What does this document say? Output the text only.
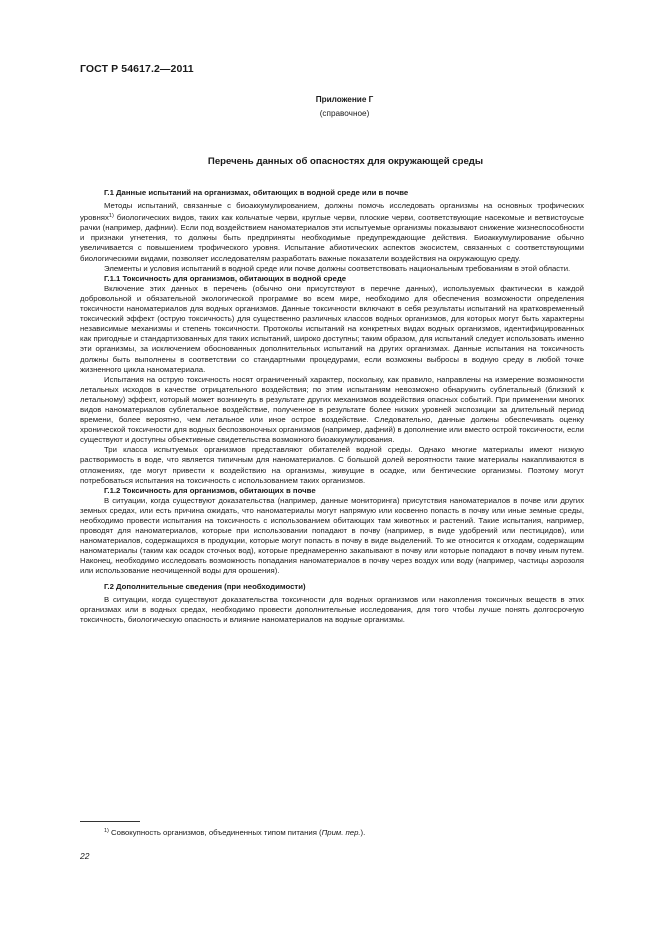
ГОСТ Р 54617.2—2011
Приложение Г
(справочное)
Перечень данных об опасностях для окружающей среды
Г.1 Данные испытаний на организмах, обитающих в водной среде или в почве

Методы испытаний, связанные с биоаккумулированием, должны помочь исследовать организмы на основных трофических уровнях$^{1)}$ биологических видов, таких как кольчатые черви, круглые черви, плоские черви, соответствующие насекомые и ветвистоусые рачки (например, дафнии). Если под воздействием наноматериалов эти испытуемые организмы показывают снижение жизнеспособности и признаки угнетения, то должны быть предприняты необходимые предупреждающие действия. Биоаккумулирование обычно увеличивается с повышением трофического уровня. Испытание абиотических аспектов экосистем, связанных с соответствующими биологическими видами, позволяет исследователям разработать важные показатели воздействия на окружающую среду.

Элементы и условия испытаний в водной среде или почве должны соответствовать национальным требованиям в этой области.

Г.1.1 Токсичность для организмов, обитающих в водной среде

Включение этих данных в перечень (обычно они присутствуют в перечне данных), используемых фактически в каждой добровольной и обязательной экологической программе во всем мире, необходимо для обеспечения возможности определения токсичности наноматериалов для водных организмов. Данные токсичности включают в себя результаты испытаний на кратковременный токсический эффект (острую токсичность) для существенно различных классов водных организмов, для которых могут быть характерны независимые механизмы и степень токсичности. Протоколы испытаний на конкретных видах водных организмов, идентифицированных как пригодные и стандартизованных для таких испытаний, широко доступны; таким образом, для испытаний следует использовать именно эти организмы, за исключением обоснованных дополнительных испытаний на других организмах. Данные испытания на токсичность должны быть выполнены в соответствии со стандартными процедурами, если возможны выбросы в водную среду в любой точке жизненного цикла наноматериала.

Испытания на острую токсичность носят ограниченный характер, поскольку, как правило, направлены на измерение возможности летальных исходов в качестве отрицательного воздействия; по этим испытаниям невозможно обнаружить сублетальный (близкий к летальному) эффект, который может возникнуть в результате других механизмов воздействия опасных событий. При применении многих видов наноматериалов сублетальное воздействие, полученное в результате более низких уровней экспозиции за длительный период времени, более вероятно, чем летальное или иное острое воздействие. Следовательно, данные должны обеспечивать оценку хронической токсичности для водных беспозвоночных организмов (например, дафний) в дополнение или вместо острой токсичности, если существуют и доступны объективные свидетельства возможного биоаккумулирования.

Три класса испытуемых организмов представляют обитателей водной среды. Однако многие материалы имеют низкую растворимость в воде, что является типичным для наноматериалов. С большой долей вероятности такие материалы накапливаются в отложениях, где могут привести к воздействию на организмы, живущие в осадке, или бентические организмы. Поэтому могут потребоваться испытания на токсичность с использованием таких организмов.

Г.1.2 Токсичность для организмов, обитающих в почве

В ситуации, когда существуют доказательства (например, данные мониторинга) присутствия наноматериалов в почве или других земных средах, или есть причина ожидать, что наноматериалы могут напрямую или косвенно попасть в почву или иные земные среды, необходимо провести испытания на токсичность с использованием обитающих там животных и растений. Такие испытания, например, проводят для наноматериалов, которые при использовании попадают в почву (например, в виде удобрений или пестицидов), или наноматериалов, содержащихся в продукции, которые могут попасть в почву в виде выделений. То же относится к отходам, содержащим наноматериалы (таким как осадок сточных вод), которые преднамеренно закапывают в почву или которые попадают в почву иным путем. Наконец, необходимо исследовать возможность попадания наноматериалов в почву через воздух или воду (например, частицы аэрозоля или использование неочищенной воды для орошения).

Г.2 Дополнительные сведения (при необходимости)

В ситуации, когда существуют доказательства токсичности для водных организмов или накопления токсичных веществ в этих организмах или в водных средах, необходимо провести дополнительные исследования, для того чтобы лучше понять долгосрочную токсичность, биологическую опасность и влияние наноматериалов на водные организмы.

$^{1)}$ Совокупность организмов, объединенных типом питания (Прим. пер.).
22
